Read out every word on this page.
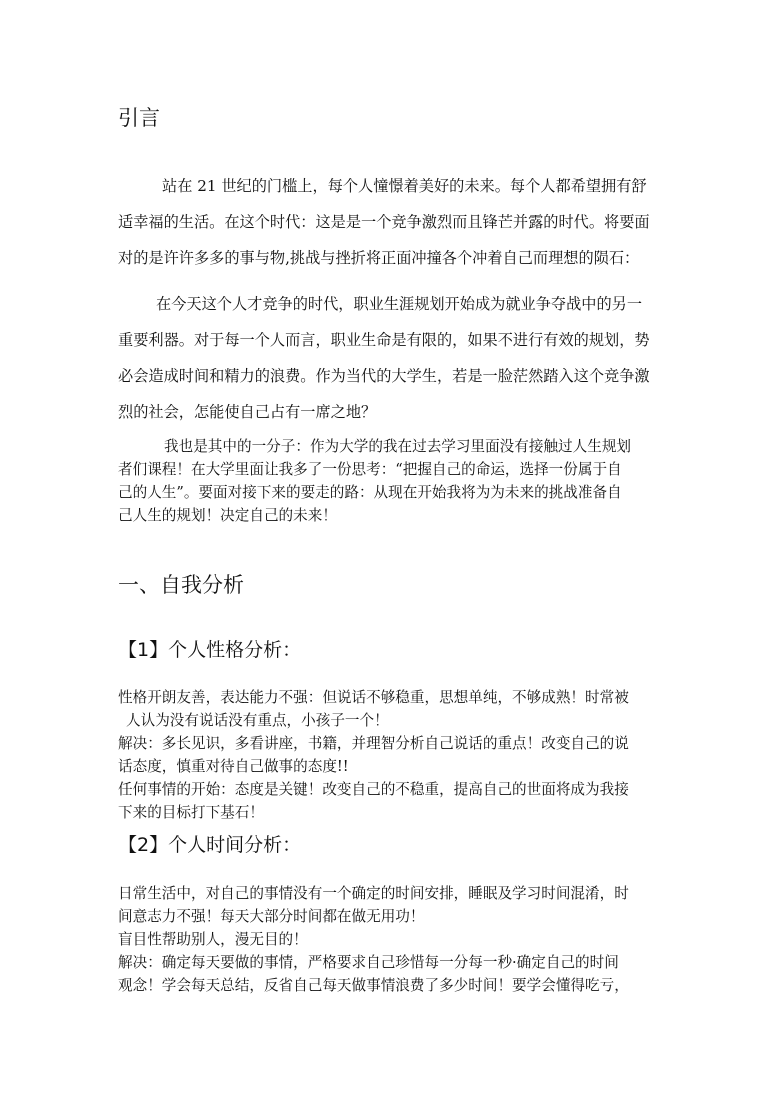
引言
站在 21 世纪的门槛上，每个人憧憬着美好的未来。每个人都希望拥有舒
适幸福的生活。在这个时代：这是是一个竞争激烈而且锋芒并露的时代。将要面
对的是许许多多的事与物,挑战与挫折将正面冲撞各个冲着自己而理想的陨石：
在今天这个人才竞争的时代，职业生涯规划开始成为就业争夺战中的另一
重要利器。对于每一个人而言，职业生命是有限的，如果不进行有效的规划，势
必会造成时间和精力的浪费。作为当代的大学生，若是一脸茫然踏入这个竞争激
烈的社会，怎能使自己占有一席之地？
我也是其中的一分子：作为大学的我在过去学习里面没有接触过人生规划
者们课程！在大学里面让我多了一份思考：“把握自己的命运，选择一份属于自
己的人生”。要面对接下来的要走的路：从现在开始我将为为未来的挑战准备自
己人生的规划！决定自己的未来！
一、自我分析
【1】个人性格分析：
性格开朗友善，表达能力不强：但说话不够稳重，思想单纯，不够成熟！时常被
人认为没有说话没有重点，小孩子一个！
解决：多长见识，多看讲座，书籍，并理智分析自己说话的重点！改变自己的说
话态度，慎重对待自己做事的态度!!
任何事情的开始：态度是关键！改变自己的不稳重，提高自己的世面将成为我接
下来的目标打下基石！
【2】个人时间分析：
日常生活中，对自己的事情没有一个确定的时间安排，睡眠及学习时间混淆，时
间意志力不强！每天大部分时间都在做无用功！
盲目性帮助别人，漫无目的！
解决：确定每天要做的事情，严格要求自己珍惜每一分每一秒·确定自己的时间
观念！学会每天总结，反省自己每天做事情浪费了多少时间！要学会懂得吃亏，
